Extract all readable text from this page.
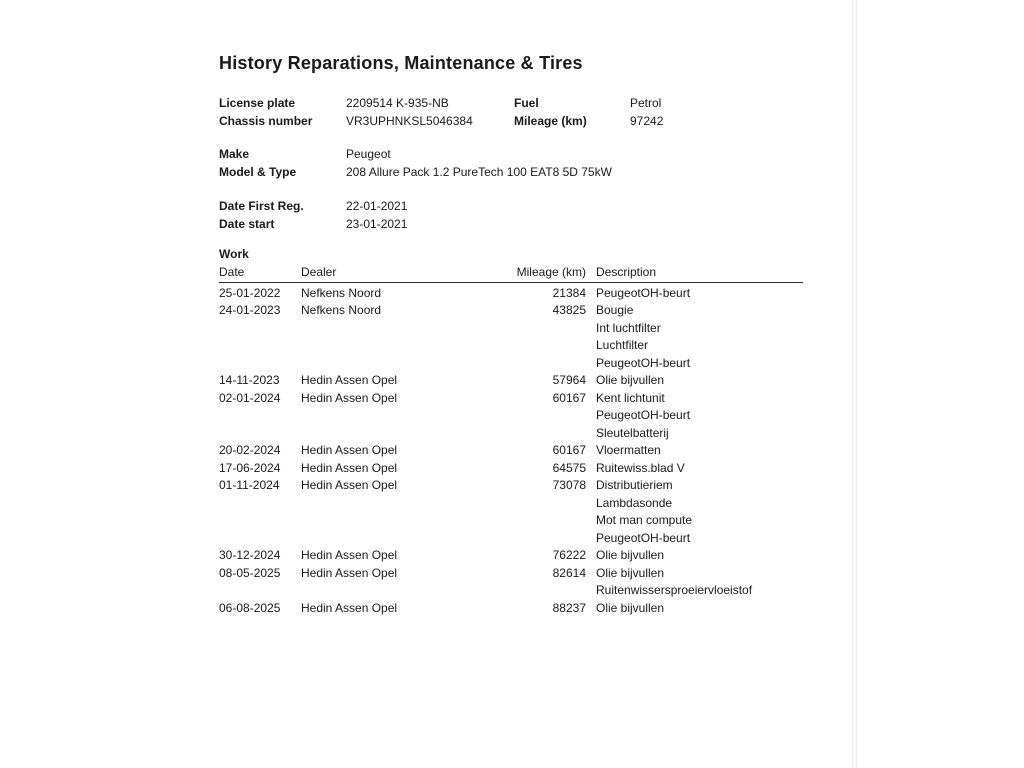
History Reparations, Maintenance & Tires
License plate	2209514 K-935-NB	Fuel	Petrol
Chassis number	VR3UPHNKSL5046384	Mileage (km)	97242
Make	Peugeot
Model & Type	208 Allure Pack 1.2 PureTech 100 EAT8 5D 75kW
Date First Reg.	22-01-2021
Date start	23-01-2021
Work
Date	Dealer	Mileage (km)	Description
25-01-2022	Nefkens Noord	21384	PeugeotOH-beurt

24-01-2023	Nefkens Noord	43825	Bougie
Int luchtfilter
Luchtfilter
PeugeotOH-beurt

14-11-2023	Hedin Assen Opel	57964	Olie bijvullen

02-01-2024	Hedin Assen Opel	60167	Kent lichtunit
PeugeotOH-beurt
Sleutelbatterij

20-02-2024	Hedin Assen Opel	60167	Vloermatten

17-06-2024	Hedin Assen Opel	64575	Ruitewiss.blad V

01-11-2024	Hedin Assen Opel	73078	Distributieriem
Lambdasonde
Mot man compute
PeugeotOH-beurt

30-12-2024	Hedin Assen Opel	76222	Olie bijvullen

08-05-2025	Hedin Assen Opel	82614	Olie bijvullen
Ruitenwissersproeiervloeistof

06-08-2025	Hedin Assen Opel	88237	Olie bijvullen
